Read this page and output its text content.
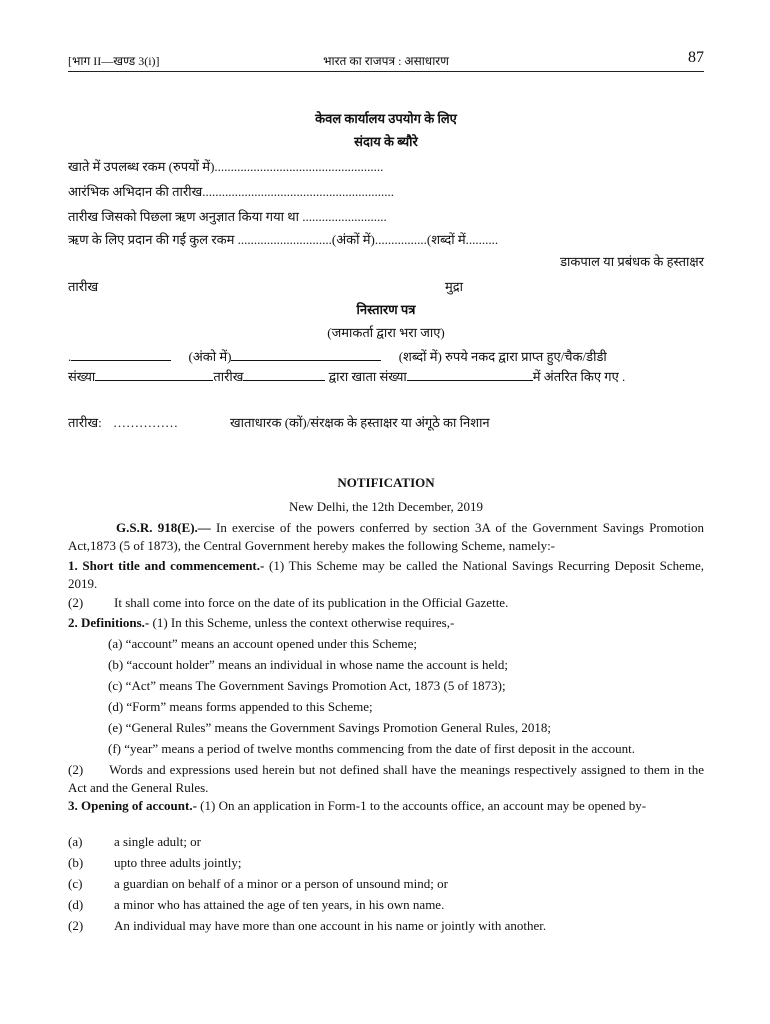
[भाग II—खण्ड 3(i)]	भारत का राजपत्र : असाधारण	87
केवल कार्यालय उपयोग के लिए
संदाय के ब्यौरे
खाते में उपलब्ध रकम (रुपयों में)....................................................
आरंभिक अभिदान की तारीख...........................................................
तारीख जिसको पिछला ऋण अनुज्ञात किया गया था ..........................
ऋण के लिए प्रदान की गई कुल रकम .............................(अंकों में)................(शब्दों में..........
डाकपाल या प्रबंधक के हस्ताक्षर
तारीख	मुद्रा
निस्तारण पत्र
(जमाकर्ता द्वारा भरा जाए)
.	(अंको में)	(शब्दों में) रुपये नकद द्वारा प्राप्त हुए/चैक/डीडी
संख्या	तारीख	द्वारा खाता संख्या	में अंतरित किए गए .
तारीख: ……………	खाताधारक (कों)/संरक्षक के हस्ताक्षर या अंगूठे का निशान
NOTIFICATION
New Delhi, the 12th December, 2019
G.S.R. 918(E).— In exercise of the powers conferred by section 3A of the Government Savings Promotion Act,1873 (5 of 1873), the Central Government hereby makes the following Scheme, namely:-
1. Short title and commencement.- (1) This Scheme may be called the National Savings Recurring Deposit Scheme, 2019.
(2) It shall come into force on the date of its publication in the Official Gazette.
2. Definitions.- (1) In this Scheme, unless the context otherwise requires,-
(a) “account” means an account opened under this Scheme;
(b) “account holder” means an individual in whose name the account is held;
(c) “Act” means The Government Savings Promotion Act, 1873 (5 of 1873);
(d) “Form” means forms appended to this Scheme;
(e) “General Rules” means the Government Savings Promotion General Rules, 2018;
(f) “year” means a period of twelve months commencing from the date of first deposit in the account.
(2) Words and expressions used herein but not defined shall have the meanings respectively assigned to them in the Act and the General Rules.
3. Opening of account.- (1) On an application in Form-1 to the accounts office, an account may be opened by-
(a) a single adult; or
(b) upto three adults jointly;
(c) a guardian on behalf of a minor or a person of unsound mind; or
(d) a minor who has attained the age of ten years, in his own name.
(2) An individual may have more than one account in his name or jointly with another.
